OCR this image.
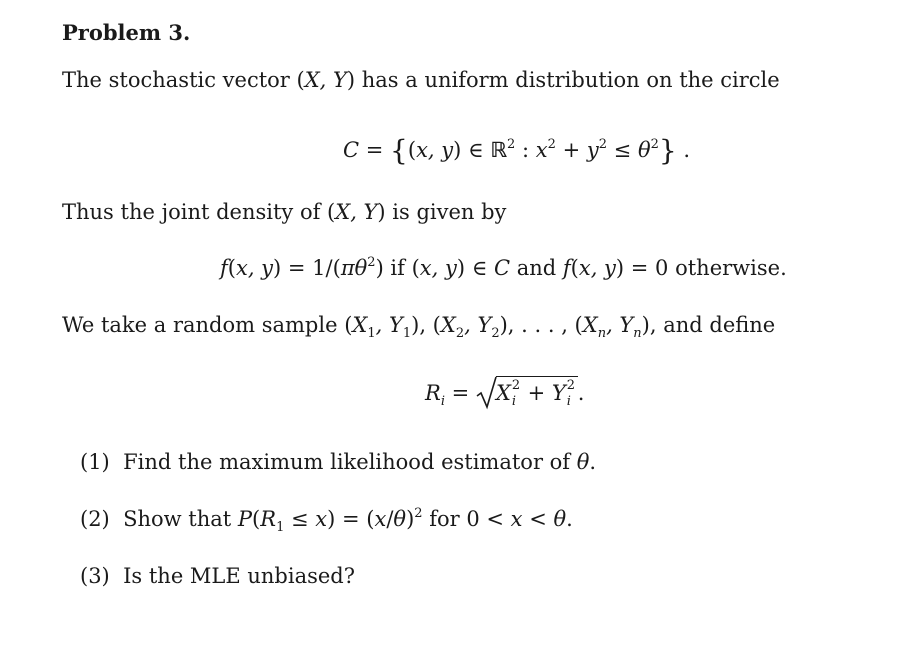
Problem 3.
The stochastic vector (X, Y) has a uniform distribution on the circle
C = {(x, y) ∈ ℝ$^2$ : $x^2 + y^2 \le \theta^2$} .
Thus the joint density of (X, Y) is given by
f(x, $y) = 1/(\pi\theta^2)$ if (x, y) ∈ C and f(x, y) = 0 otherwise.
We take a random sample ($X_1$, $Y_1$), ($X_2$, $Y_2$), . . . , ($X_n$, $Y_n$), and define
$R_i$ =
X 2
i + Y 2
i .
(1)  Find the maximum likelihood estimator of θ.
(2)  Show that $P(R_1 \le x) = (x/\theta)^2$ for 0 < x < θ.
(3) Is the MLE unbiased?
